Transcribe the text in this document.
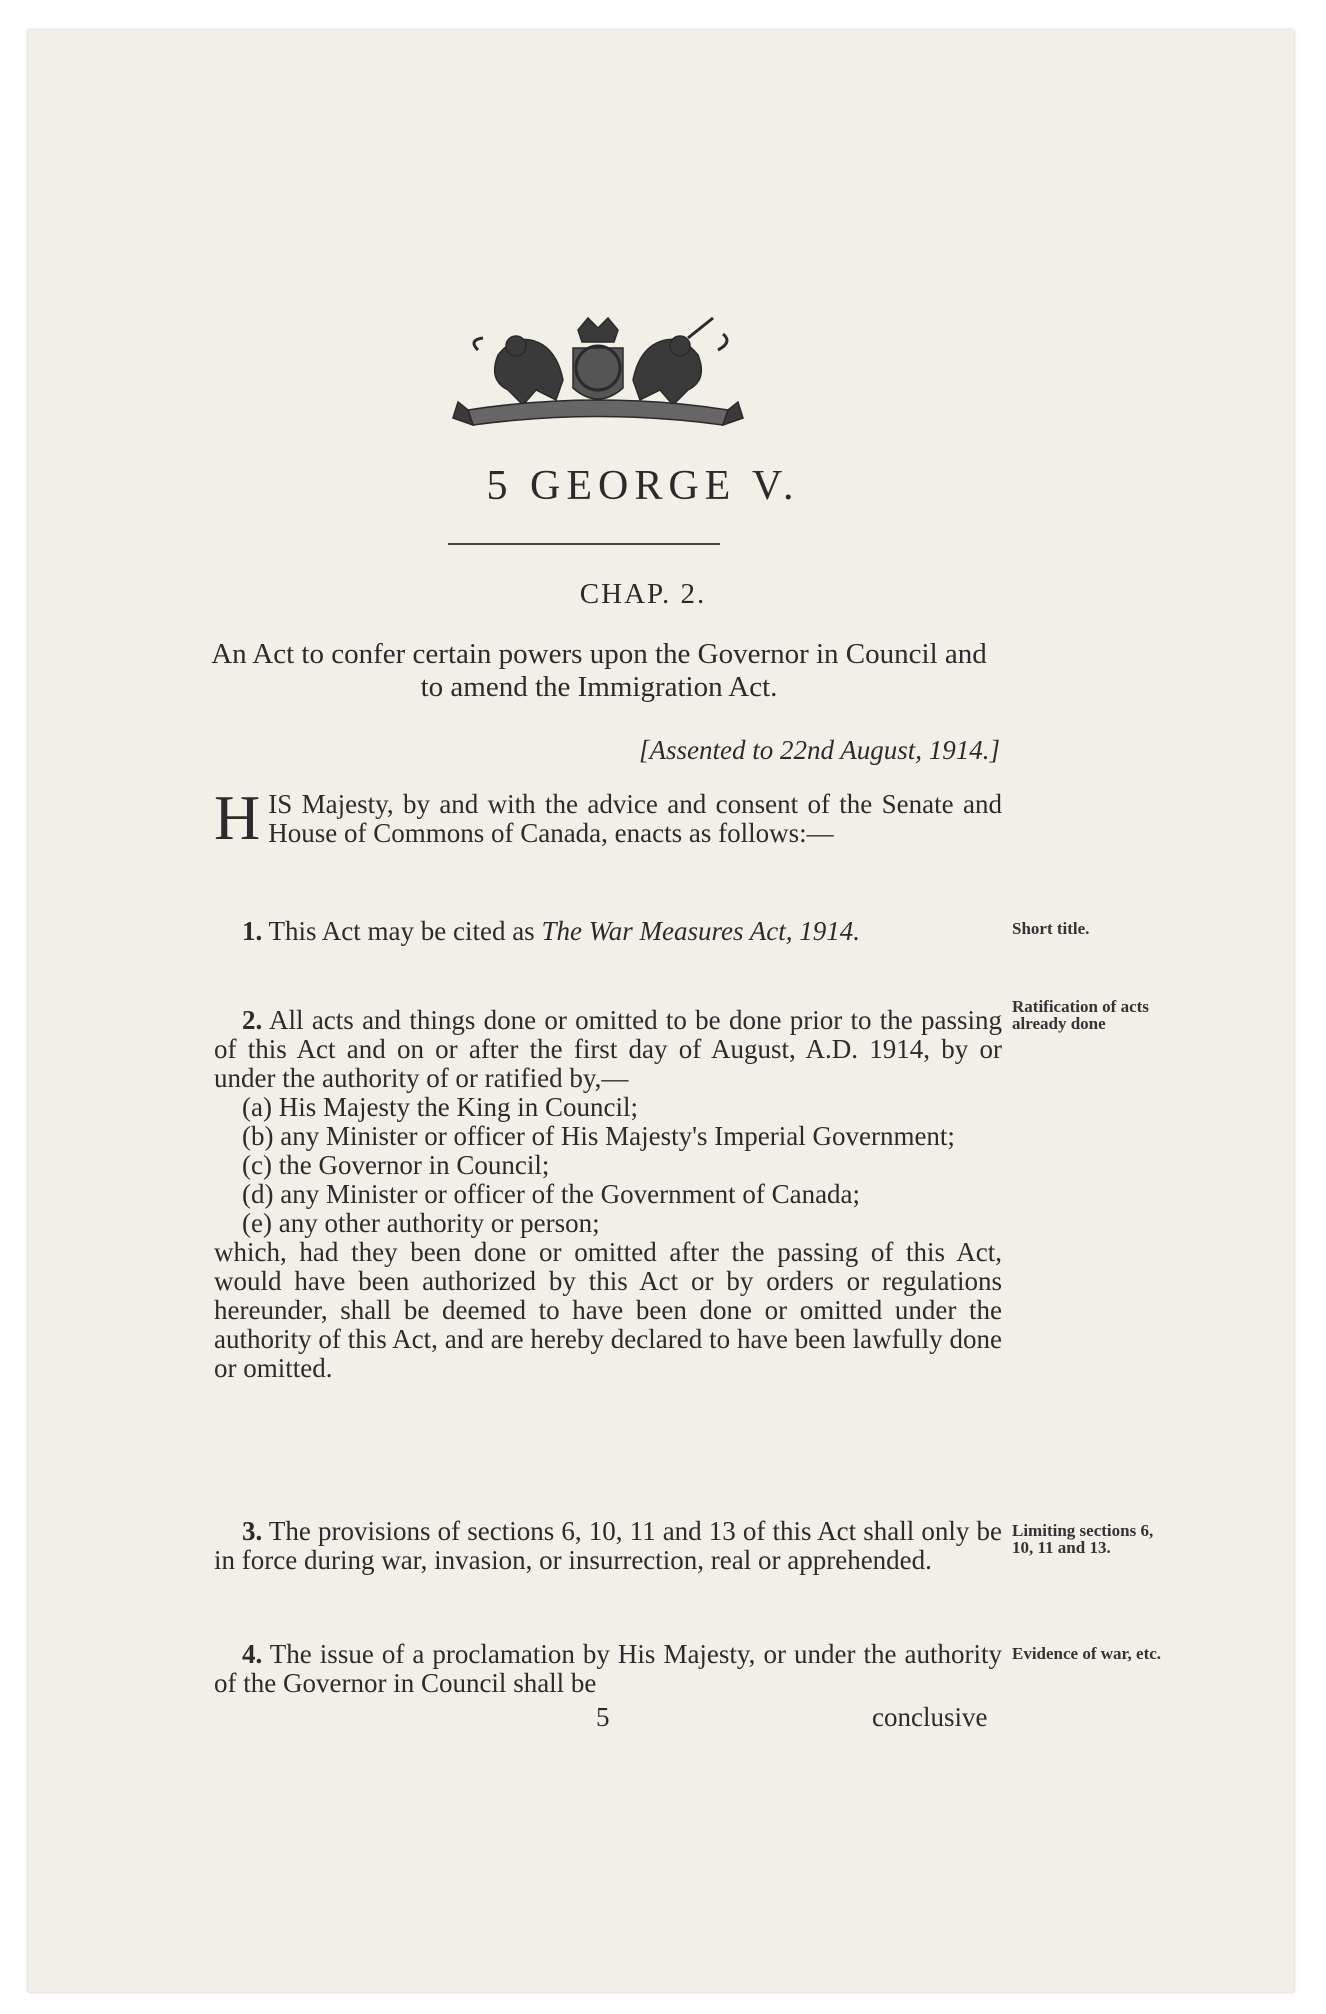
5 GEORGE V.
CHAP. 2.
An Act to confer certain powers upon the Governor in Council and to amend the Immigration Act.
[Assented to 22nd August, 1914.]
HIS Majesty, by and with the advice and consent of the Senate and House of Commons of Canada, enacts as follows:—
1. This Act may be cited as The War Measures Act, 1914.	Short title.
2. All acts and things done or omitted to be done prior to the passing of this Act and on or after the first day of August, A.D. 1914, by or under the authority of or ratified by,—
(a) His Majesty the King in Council;
(b) any Minister or officer of His Majesty's Imperial Government;
(c) the Governor in Council;
(d) any Minister or officer of the Government of Canada;
(e) any other authority or person;
which, had they been done or omitted after the passing of this Act, would have been authorized by this Act or by orders or regulations hereunder, shall be deemed to have been done or omitted under the authority of this Act, and are hereby declared to have been lawfully done or omitted.
Ratification of acts already done
3. The provisions of sections 6, 10, 11 and 13 of this Act shall only be in force during war, invasion, or insurrection, real or apprehended.
Limiting sections 6, 10, 11 and 13.
4. The issue of a proclamation by His Majesty, or under the authority of the Governor in Council shall be
Evidence of war, etc.
5	conclusive
